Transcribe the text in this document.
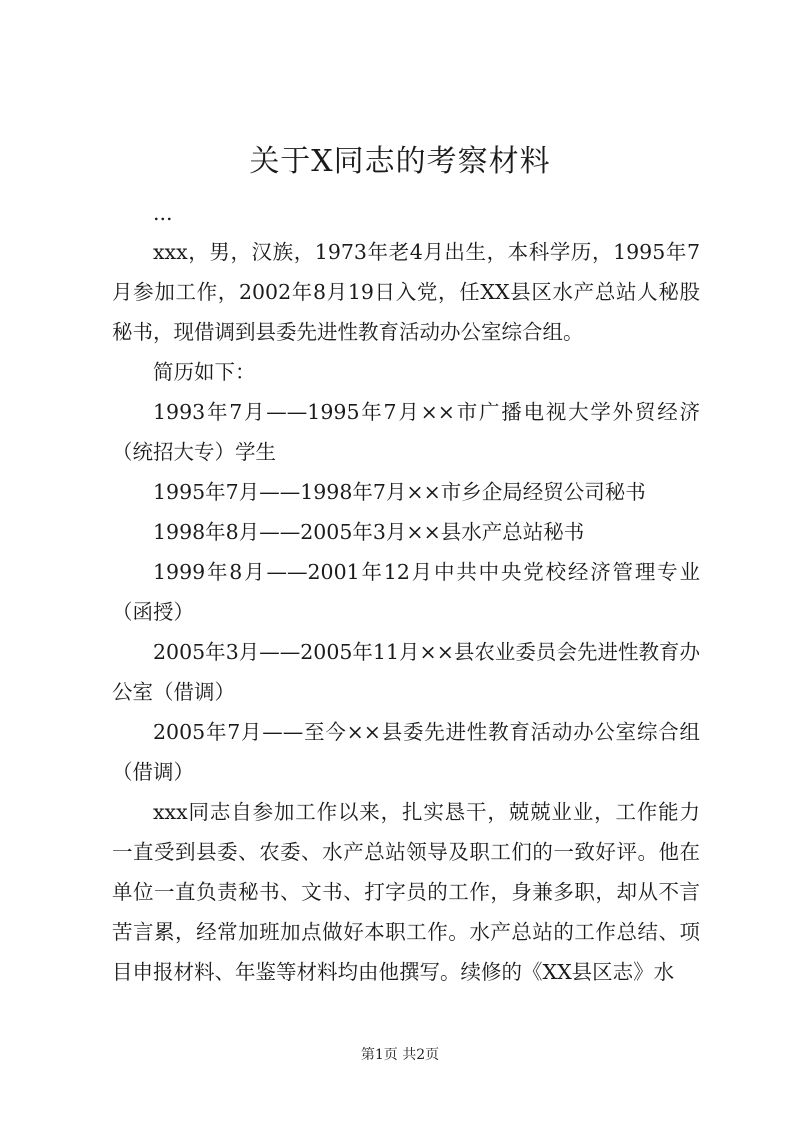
关于X同志的考察材料

...

xxx，男，汉族，1973年老4月出生，本科学历，1995年7月参加工作，2002年8月19日入党，任XX县区水产总站人秘股秘书，现借调到县委先进性教育活动办公室综合组。

简历如下：

1993年7月——1995年7月××市广播电视大学外贸经济（统招大专）学生

1995年7月——1998年7月××市乡企局经贸公司秘书

1998年8月——2005年3月××县水产总站秘书

1999年8月——2001年12月中共中央党校经济管理专业（函授）

2005年3月——2005年11月××县农业委员会先进性教育办公室（借调）

2005年7月——至今××县委先进性教育活动办公室综合组（借调）

xxx同志自参加工作以来，扎实恳干，兢兢业业，工作能力一直受到县委、农委、水产总站领导及职工们的一致好评。他在单位一直负责秘书、文书、打字员的工作，身兼多职，却从不言苦言累，经常加班加点做好本职工作。水产总站的工作总结、项目申报材料、年鉴等材料均由他撰写。续修的《XX县区志》水

第1页 共2页
